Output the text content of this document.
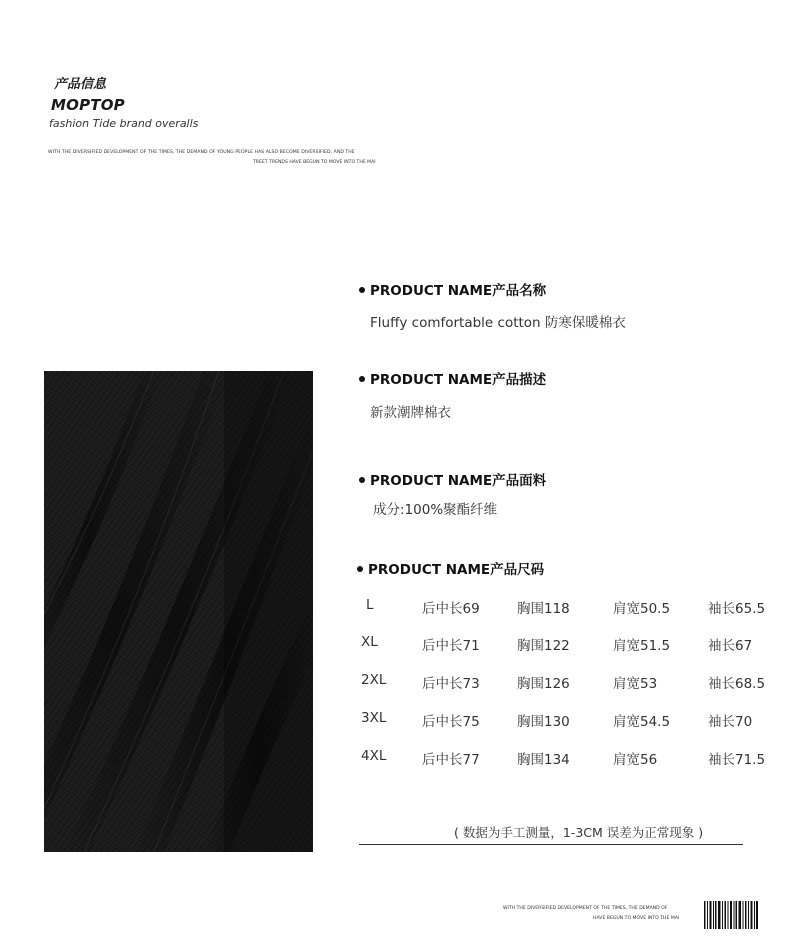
产品信息
MOPTOP
fashion Tide brand overalls
WITH THE DIVERSIFIED DEVELOPMENT OF THE TIMES, THE DEMAND OF YOUNG PEOPLE HAS ALSO BECOME DIVERSIFIED, AND THE
TREET TRENDS HAVE BEGUN TO MOVE INTO THE MAI
PRODUCT NAME产品名称
Fluffy comfortable cotton 防寒保暖棉衣
PRODUCT NAME产品描述
新款潮牌棉衣
PRODUCT NAME产品面料
成分:100%聚酯纤维
PRODUCT NAME产品尺码
L	后中长69	胸围118	肩宽50.5	袖长65.5
XL	后中长71	胸围122	肩宽51.5	袖长67
2XL	后中长73	胸围126	肩宽53	袖长68.5
3XL	后中长75	胸围130	肩宽54.5	袖长70
4XL	后中长77	胸围134	肩宽56	袖长71.5
( 数据为手工测量，1-3CM 误差为正常现象 )
WITH THE DIVERSIFIED DEVELOPMENT OF THE TIMES, THE DEMAND OF
HAVE BEGUN TO MOVE INTO THE MAI
